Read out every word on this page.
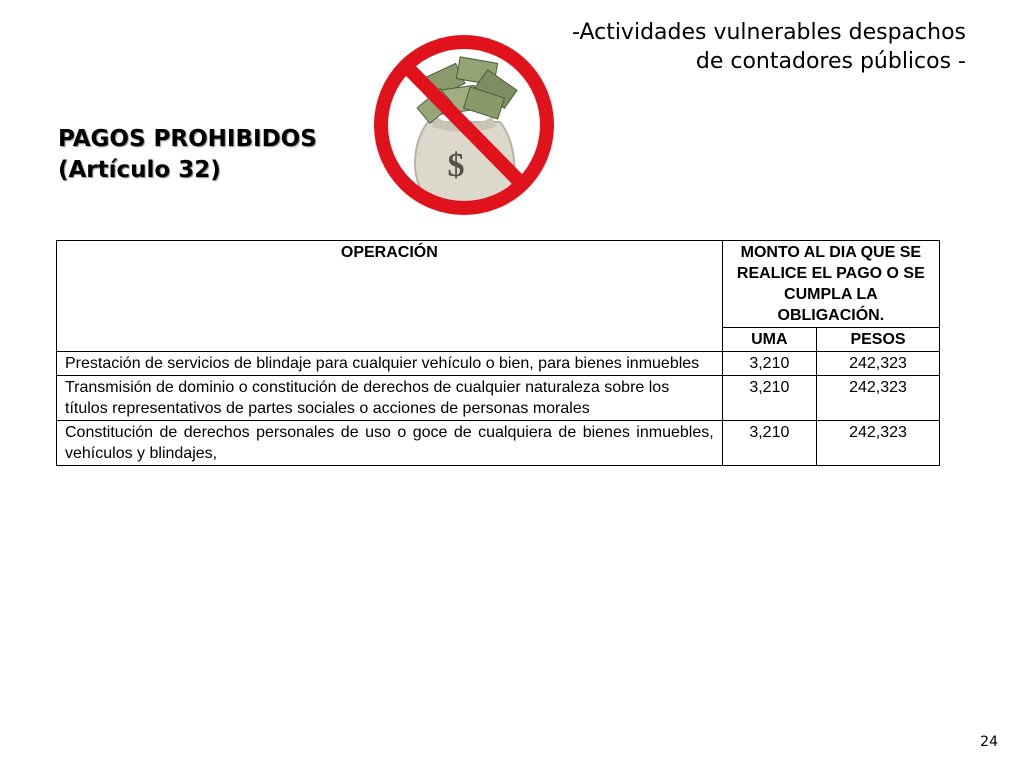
-Actividades vulnerables despachos
de contadores públicos -
PAGOS PROHIBIDOS
(Artículo 32)	$
OPERACIÓN	MONTO AL DIA QUE SE REALICE EL PAGO O SE CUMPLA LA OBLIGACIÓN.	
	UMA	PESOS
Prestación de servicios de blindaje para cualquier vehículo o bien, para bienes inmuebles	3,210	242,323
Transmisión de dominio o constitución de derechos de cualquier naturaleza sobre los títulos representativos de partes sociales o acciones de personas morales	3,210	242,323
Constitución de derechos personales de uso o goce de cualquiera de bienes inmuebles, vehículos y blindajes,	3,210	242,323
24
